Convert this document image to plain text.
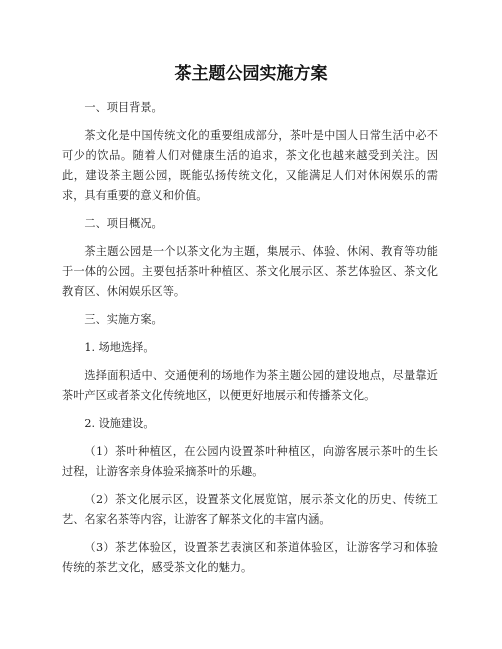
茶主题公园实施方案

一、项目背景。

茶文化是中国传统文化的重要组成部分，茶叶是中国人日常生活中必不可少的饮品。随着人们对健康生活的追求，茶文化也越来越受到关注。因此，建设茶主题公园，既能弘扬传统文化，又能满足人们对休闲娱乐的需求，具有重要的意义和价值。

二、项目概况。

茶主题公园是一个以茶文化为主题，集展示、体验、休闲、教育等功能于一体的公园。主要包括茶叶种植区、茶文化展示区、茶艺体验区、茶文化教育区、休闲娱乐区等。

三、实施方案。

1. 场地选择。

选择面积适中、交通便利的场地作为茶主题公园的建设地点，尽量靠近茶叶产区或者茶文化传统地区，以便更好地展示和传播茶文化。

2. 设施建设。

（1）茶叶种植区，在公园内设置茶叶种植区，向游客展示茶叶的生长过程，让游客亲身体验采摘茶叶的乐趣。

（2）茶文化展示区，设置茶文化展览馆，展示茶文化的历史、传统工艺、名家名茶等内容，让游客了解茶文化的丰富内涵。

（3）茶艺体验区，设置茶艺表演区和茶道体验区，让游客学习和体验传统的茶艺文化，感受茶文化的魅力。
